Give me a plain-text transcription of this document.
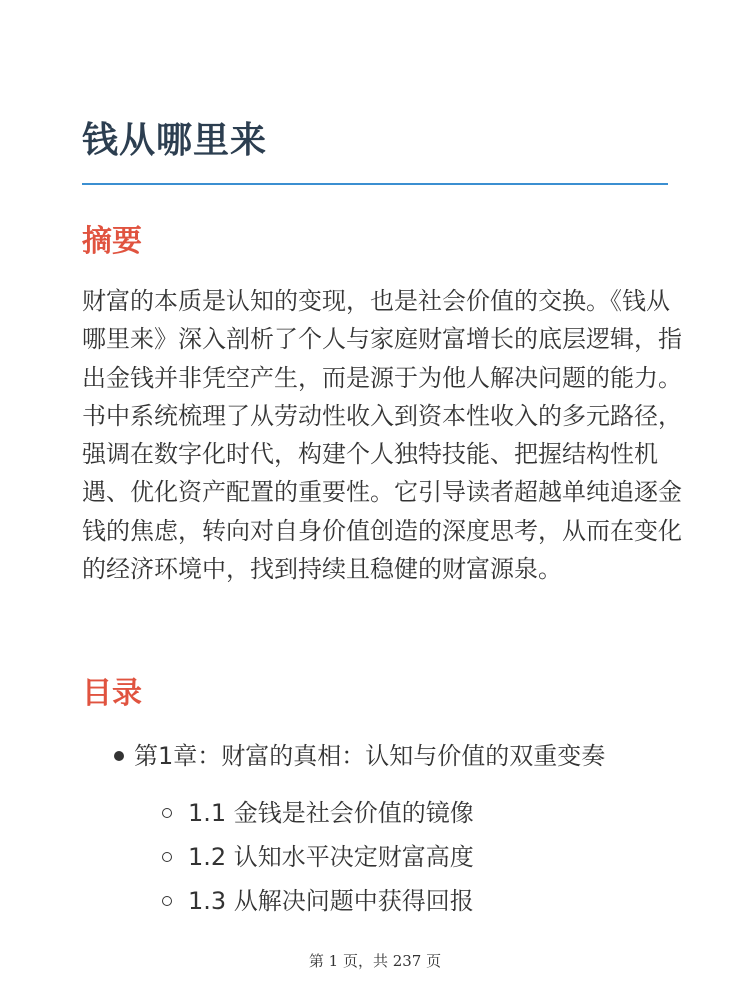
钱从哪里来
摘要

财富的本质是认知的变现，也是社会价值的交换。《钱从哪里来》深入剖析了个人与家庭财富增长的底层逻辑，指出金钱并非凭空产生，而是源于为他人解决问题的能力。书中系统梳理了从劳动性收入到资本性收入的多元路径，强调在数字化时代，构建个人独特技能、把握结构性机遇、优化资产配置的重要性。它引导读者超越单纯追逐金钱的焦虑，转向对自身价值创造的深度思考，从而在变化的经济环境中，找到持续且稳健的财富源泉。

目录
第1章：财富的真相：认知与价值的双重变奏
1.1 金钱是社会价值的镜像
1.2 认知水平决定财富高度
1.3 从解决问题中获得回报
第 1 页，共 237 页
